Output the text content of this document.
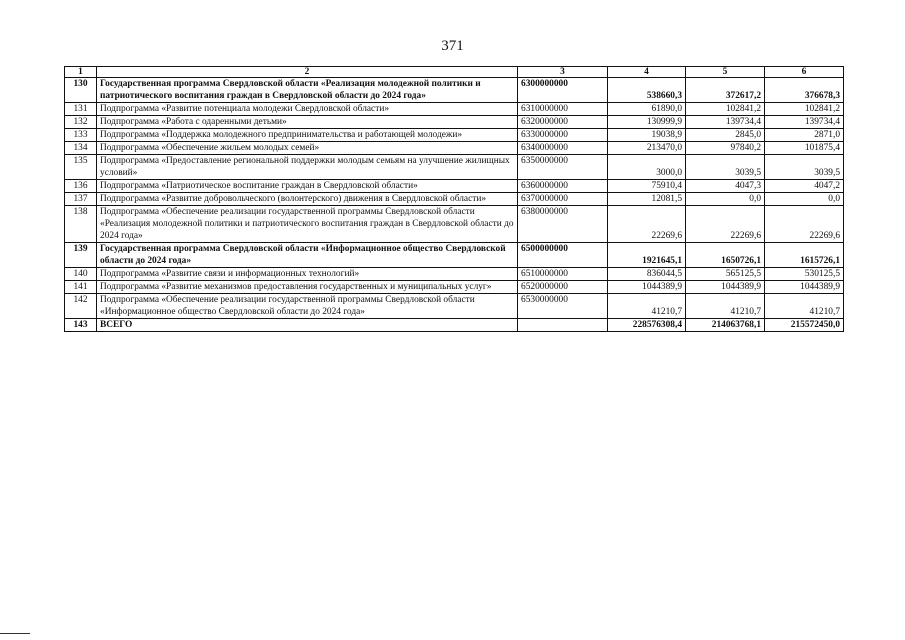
371
1	2	3	4	5	6
130	Государственная программа Свердловской области «Реализация молодежной политики и патриотического воспитания граждан в Свердловской области до 2024 года»	6300000000	538660,3	372617,2	376678,3
131	Подпрограмма «Развитие потенциала молодежи Свердловской области»	6310000000	61890,0	102841,2	102841,2
132	Подпрограмма «Работа с одаренными детьми»	6320000000	130999,9	139734,4	139734,4
133	Подпрограмма «Поддержка молодежного предпринимательства и работающей молодежи»	6330000000	19038,9	2845,0	2871,0
134	Подпрограмма «Обеспечение жильем молодых семей»	6340000000	213470,0	97840,2	101875,4
135	Подпрограмма «Предоставление региональной поддержки молодым семьям на улучшение жилищных условий»	6350000000	3000,0	3039,5	3039,5
136	Подпрограмма «Патриотическое воспитание граждан в Свердловской области»	6360000000	75910,4	4047,3	4047,2
137	Подпрограмма «Развитие добровольческого (волонтерского) движения в Свердловской области»	6370000000	12081,5	0,0	0,0
138	Подпрограмма «Обеспечение реализации государственной программы Свердловской области «Реализация молодежной политики и патриотического воспитания граждан в Свердловской области до 2024 года»	6380000000	22269,6	22269,6	22269,6
139	Государственная программа Свердловской области «Информационное общество Свердловской области до 2024 года»	6500000000	1921645,1	1650726,1	1615726,1
140	Подпрограмма «Развитие связи и информационных технологий»	6510000000	836044,5	565125,5	530125,5
141	Подпрограмма «Развитие механизмов предоставления государственных и муниципальных услуг»	6520000000	1044389,9	1044389,9	1044389,9
142	Подпрограмма «Обеспечение реализации государственной программы Свердловской области «Информационное общество Свердловской области до 2024 года»	6530000000	41210,7	41210,7	41210,7
143	ВСЕГО		228576308,4	214063768,1	215572450,0
